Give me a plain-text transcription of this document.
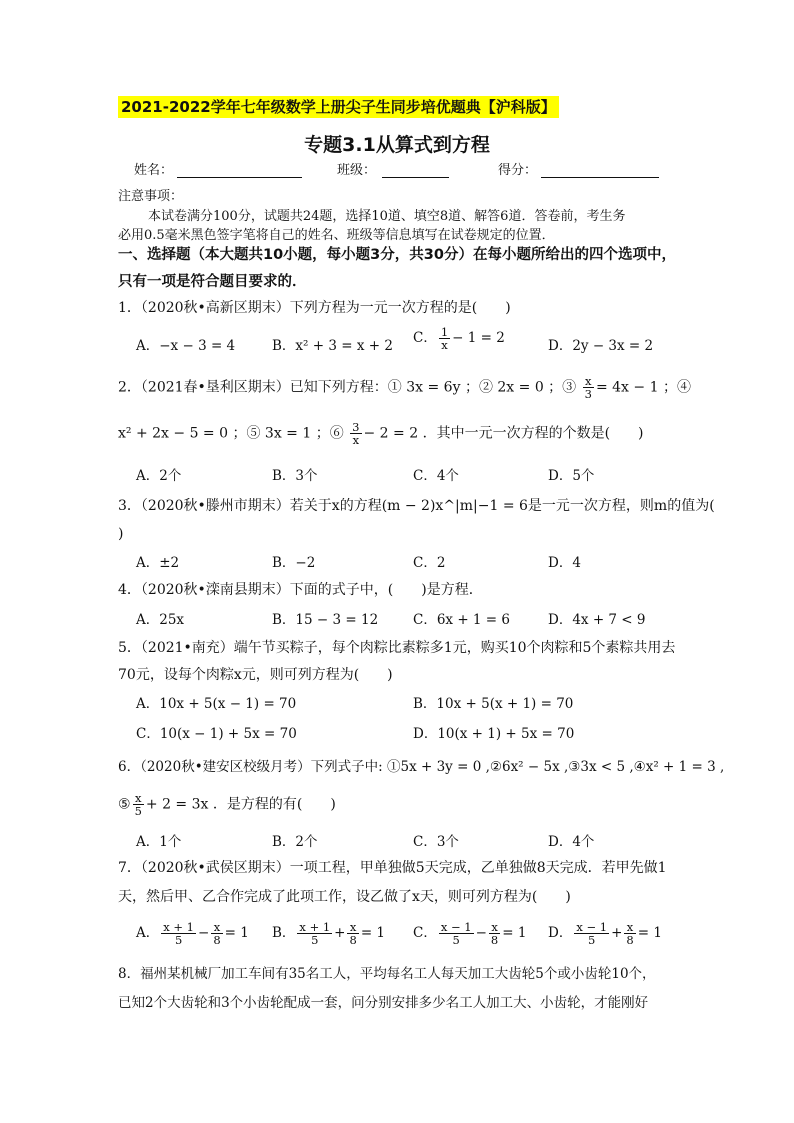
2021-2022学年七年级数学上册尖子生同步培优题典【沪科版】
专题3.1从算式到方程
姓名：	班级：	得分：
注意事项：
本试卷满分100分，试题共24题，选择10道、填空8道、解答6道．答卷前，考生务
必用0.5毫米黑色签字笔将自己的姓名、班级等信息填写在试卷规定的位置．
一、选择题（本大题共10小题，每小题3分，共30分）在每小题所给出的四个选项中，
只有一项是符合题目要求的．
1．（2020秋•高新区期末）下列方程为一元一次方程的是(　　)
A．−x − 3 = 4	B．x² + 3 = x + 2 C． $\frac{1}{x} - 1 = 2$	D．2y − 3x = 2
2．（2021春•垦利区期末）已知下列方程：① 3x = 6y ；② 2x = 0 ；③ $\frac{x}{3} = 4x - 1$ ；④
x² + 2x − 5 = 0 ；⑤ 3x = 1 ；⑥ $\frac{3}{x} - 2 = 2$ ．其中一元一次方程的个数是(　　)
A．2个	B．3个	C．4个	D．5个
3．（2020秋•滕州市期末）若关于x的方程(m − 2)x^|m|−1 = 6是一元一次方程，则m的值为(
)
A．±2	B．−2	C．2	D．4
4．（2020秋•滦南县期末）下面的式子中，(　　)是方程．
A．25x	B．15 − 3 = 12	C．6x + 1 = 6	D．4x + 7 < 9
5．（2021•南充）端午节买粽子，每个肉粽比素粽多1元，购买10个肉粽和5个素粽共用去
70元，设每个肉粽x元，则可列方程为(　　)
A．10x + 5(x − 1) = 70	B．10x + 5(x + 1) = 70
C．10(x − 1) + 5x = 70	D．10(x + 1) + 5x = 70
6．（2020秋•建安区校级月考）下列式子中: ①5x + 3y = 0 ,②6x² − 5x ,③3x < 5 ,④x² + 1 = 3 ,
⑤ $\frac{x}{5} + 2 = 3x$ ．是方程的有(　　)
A．1个	B．2个	C．3个	D．4个
7．（2020秋•武侯区期末）一项工程，甲单独做5天完成，乙单独做8天完成．若甲先做1
天，然后甲、乙合作完成了此项工作，设乙做了x天，则可列方程为(　　)
A． $\frac{x + 1}{5} - \frac{x}{8} = 1$ B． $\frac{x + 1}{5} + \frac{x}{8} = 1$ C． $\frac{x - 1}{5} - \frac{x}{8} = 1$ D． $\frac{x - 1}{5} + \frac{x}{8} = 1$
8．福州某机械厂加工车间有35名工人，平均每名工人每天加工大齿轮5个或小齿轮10个，
已知2个大齿轮和3个小齿轮配成一套，问分别安排多少名工人加工大、小齿轮，才能刚好
